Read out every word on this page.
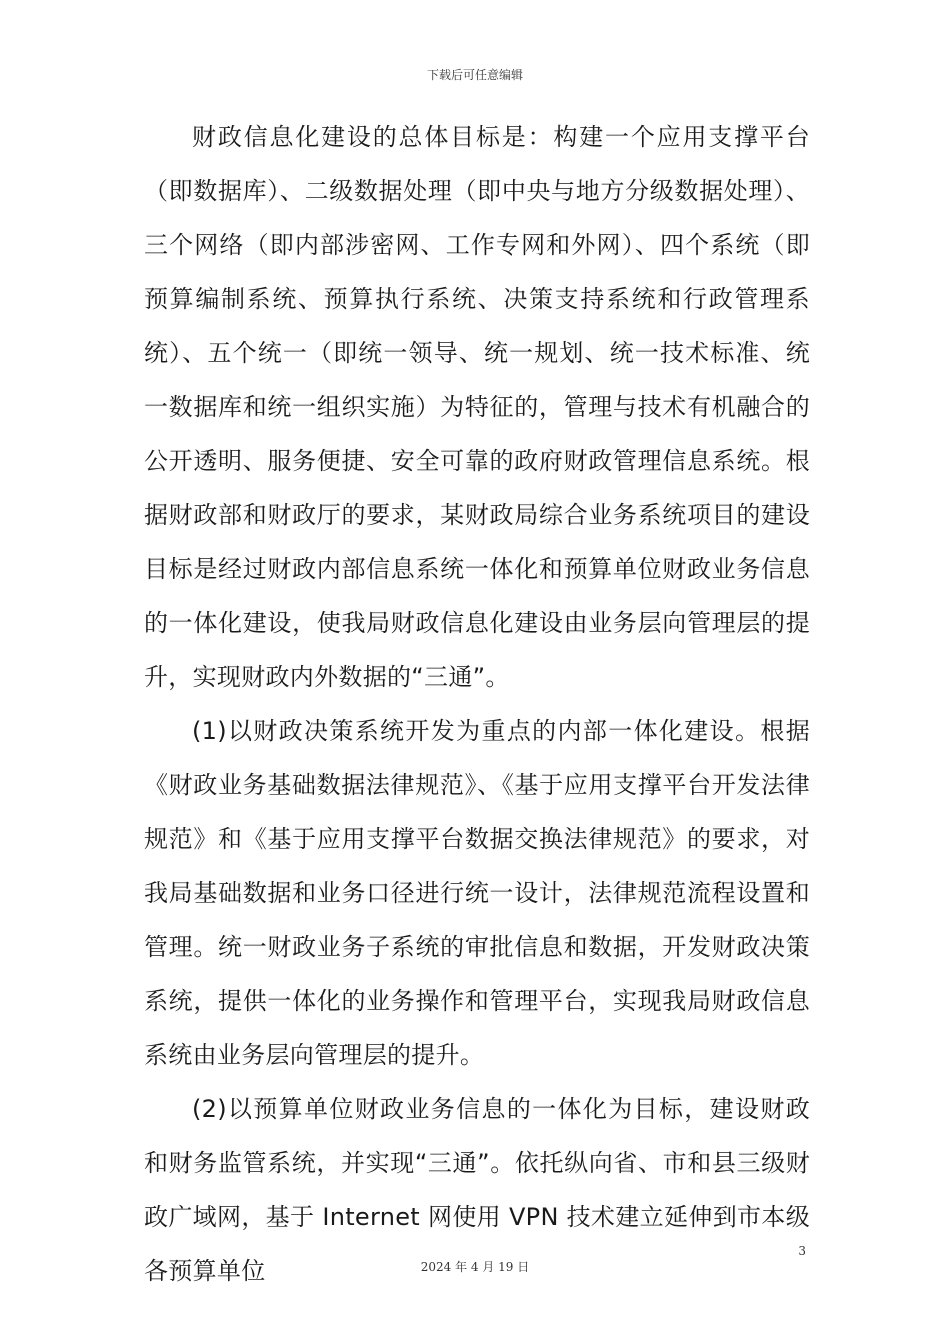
下载后可任意编辑

财政信息化建设的总体目标是：构建一个应用支撑平台（即数据库）、二级数据处理（即中央与地方分级数据处理）、三个网络（即内部涉密网、工作专网和外网）、四个系统（即预算编制系统、预算执行系统、决策支持系统和行政管理系统）、五个统一（即统一领导、统一规划、统一技术标准、统一数据库和统一组织实施）为特征的，管理与技术有机融合的公开透明、服务便捷、安全可靠的政府财政管理信息系统。根据财政部和财政厅的要求，某财政局综合业务系统项目的建设目标是经过财政内部信息系统一体化和预算单位财政业务信息的一体化建设，使我局财政信息化建设由业务层向管理层的提升，实现财政内外数据的“三通”。

(1)以财政决策系统开发为重点的内部一体化建设。根据《财政业务基础数据法律规范》、《基于应用支撑平台开发法律规范》和《基于应用支撑平台数据交换法律规范》的要求，对我局基础数据和业务口径进行统一设计，法律规范流程设置和管理。统一财政业务子系统的审批信息和数据，开发财政决策系统，提供一体化的业务操作和管理平台，实现我局财政信息系统由业务层向管理层的提升。

(2)以预算单位财政业务信息的一体化为目标，建设财政和财务监管系统，并实现“三通”。依托纵向省、市和县三级财政广域网，基于 Internet 网使用 VPN 技术建立延伸到市本级各预算单位

3
2024 年 4 月 19 日
